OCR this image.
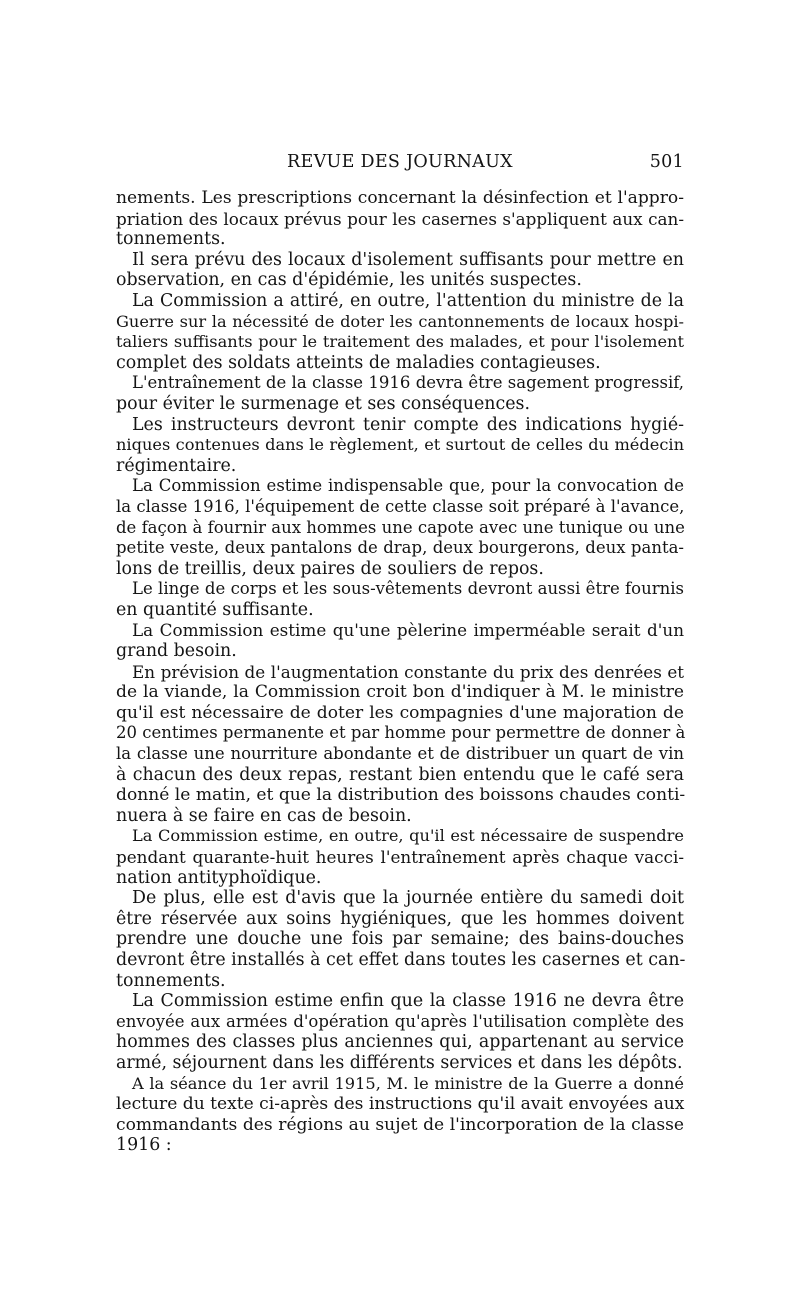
REVUE DES JOURNAUX	501
nements. Les prescriptions concernant la désinfection et l'appro-
priation des locaux prévus pour les casernes s'appliquent aux can-
tonnements.
Il sera prévu des locaux d'isolement suffisants pour mettre en
observation, en cas d'épidémie, les unités suspectes.
La Commission a attiré, en outre, l'attention du ministre de la
Guerre sur la nécessité de doter les cantonnements de locaux hospi-
taliers suffisants pour le traitement des malades, et pour l'isolement
complet des soldats atteints de maladies contagieuses.
L'entraînement de la classe 1916 devra être sagement progressif,
pour éviter le surmenage et ses conséquences.
Les instructeurs devront tenir compte des indications hygié-
niques contenues dans le règlement, et surtout de celles du médecin
régimentaire.
La Commission estime indispensable que, pour la convocation de
la classe 1916, l'équipement de cette classe soit préparé à l'avance,
de façon à fournir aux hommes une capote avec une tunique ou une
petite veste, deux pantalons de drap, deux bourgerons, deux panta-
lons de treillis, deux paires de souliers de repos.
Le linge de corps et les sous-vêtements devront aussi être fournis
en quantité suffisante.
La Commission estime qu'une pèlerine imperméable serait d'un
grand besoin.
En prévision de l'augmentation constante du prix des denrées et
de la viande, la Commission croit bon d'indiquer à M. le ministre
qu'il est nécessaire de doter les compagnies d'une majoration de
20 centimes permanente et par homme pour permettre de donner à
la classe une nourriture abondante et de distribuer un quart de vin
à chacun des deux repas, restant bien entendu que le café sera
donné le matin, et que la distribution des boissons chaudes conti-
nuera à se faire en cas de besoin.
La Commission estime, en outre, qu'il est nécessaire de suspendre
pendant quarante-huit heures l'entraînement après chaque vacci-
nation antityphoïdique.
De plus, elle est d'avis que la journée entière du samedi doit
être réservée aux soins hygiéniques, que les hommes doivent
prendre une douche une fois par semaine; des bains-douches
devront être installés à cet effet dans toutes les casernes et can-
tonnements.
La Commission estime enfin que la classe 1916 ne devra être
envoyée aux armées d'opération qu'après l'utilisation complète des
hommes des classes plus anciennes qui, appartenant au service
armé, séjournent dans les différents services et dans les dépôts.
A la séance du 1er avril 1915, M. le ministre de la Guerre a donné
lecture du texte ci-après des instructions qu'il avait envoyées aux
commandants des régions au sujet de l'incorporation de la classe
1916 :
